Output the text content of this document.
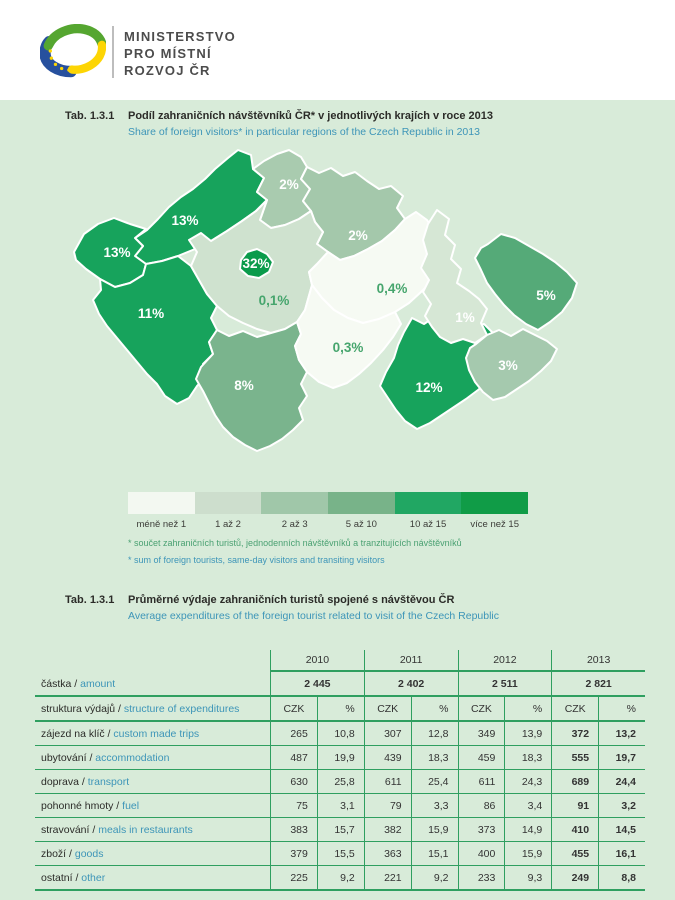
MINISTERSTVO
PRO MÍSTNÍ
ROZVOJ ČR
Tab. 1.3.1 Podíl zahraničních návštěvníků ČR* v jednotlivých krajích v roce 2013
Share of foreign visitors* in particular regions of the Czech Republic in 2013
13%
2%
2%
13%
11%
0,1%
8%
0,4%
0,3%
12%
1%
5%
3%
32%
méně než 1	1 až 2	2 až 3	5 až 10	10 až 15	více než 15
* součet zahraničních turistů, jednodenních návštěvníků a tranzitujících návštěvníků
* sum of foreign tourists, same-day visitors and transiting visitors
Tab. 1.3.1 Průměrné výdaje zahraničních turistů spojené s návštěvou ČR
Average expenditures of the foreign tourist related to visit of the Czech Republic
2010	2011	2012	2013
částka / amount	2 445	2 402	2 511	2 821
struktura výdajů / structure of expenditures	CZK	%	CZK	%	CZK	%	CZK	%
zájezd na klíč / custom made trips	265	10,8	307	12,8	349	13,9	372	13,2
ubytování / accommodation	487	19,9	439	18,3	459	18,3	555	19,7
doprava / transport	630	25,8	611	25,4	611	24,3	689	24,4
pohonné hmoty / fuel	75	3,1	79	3,3	86	3,4	91	3,2
stravování / meals in restaurants	383	15,7	382	15,9	373	14,9	410	14,5
zboží / goods	379	15,5	363	15,1	400	15,9	455	16,1
ostatní / other	225	9,2	221	9,2	233	9,3	249	8,8
